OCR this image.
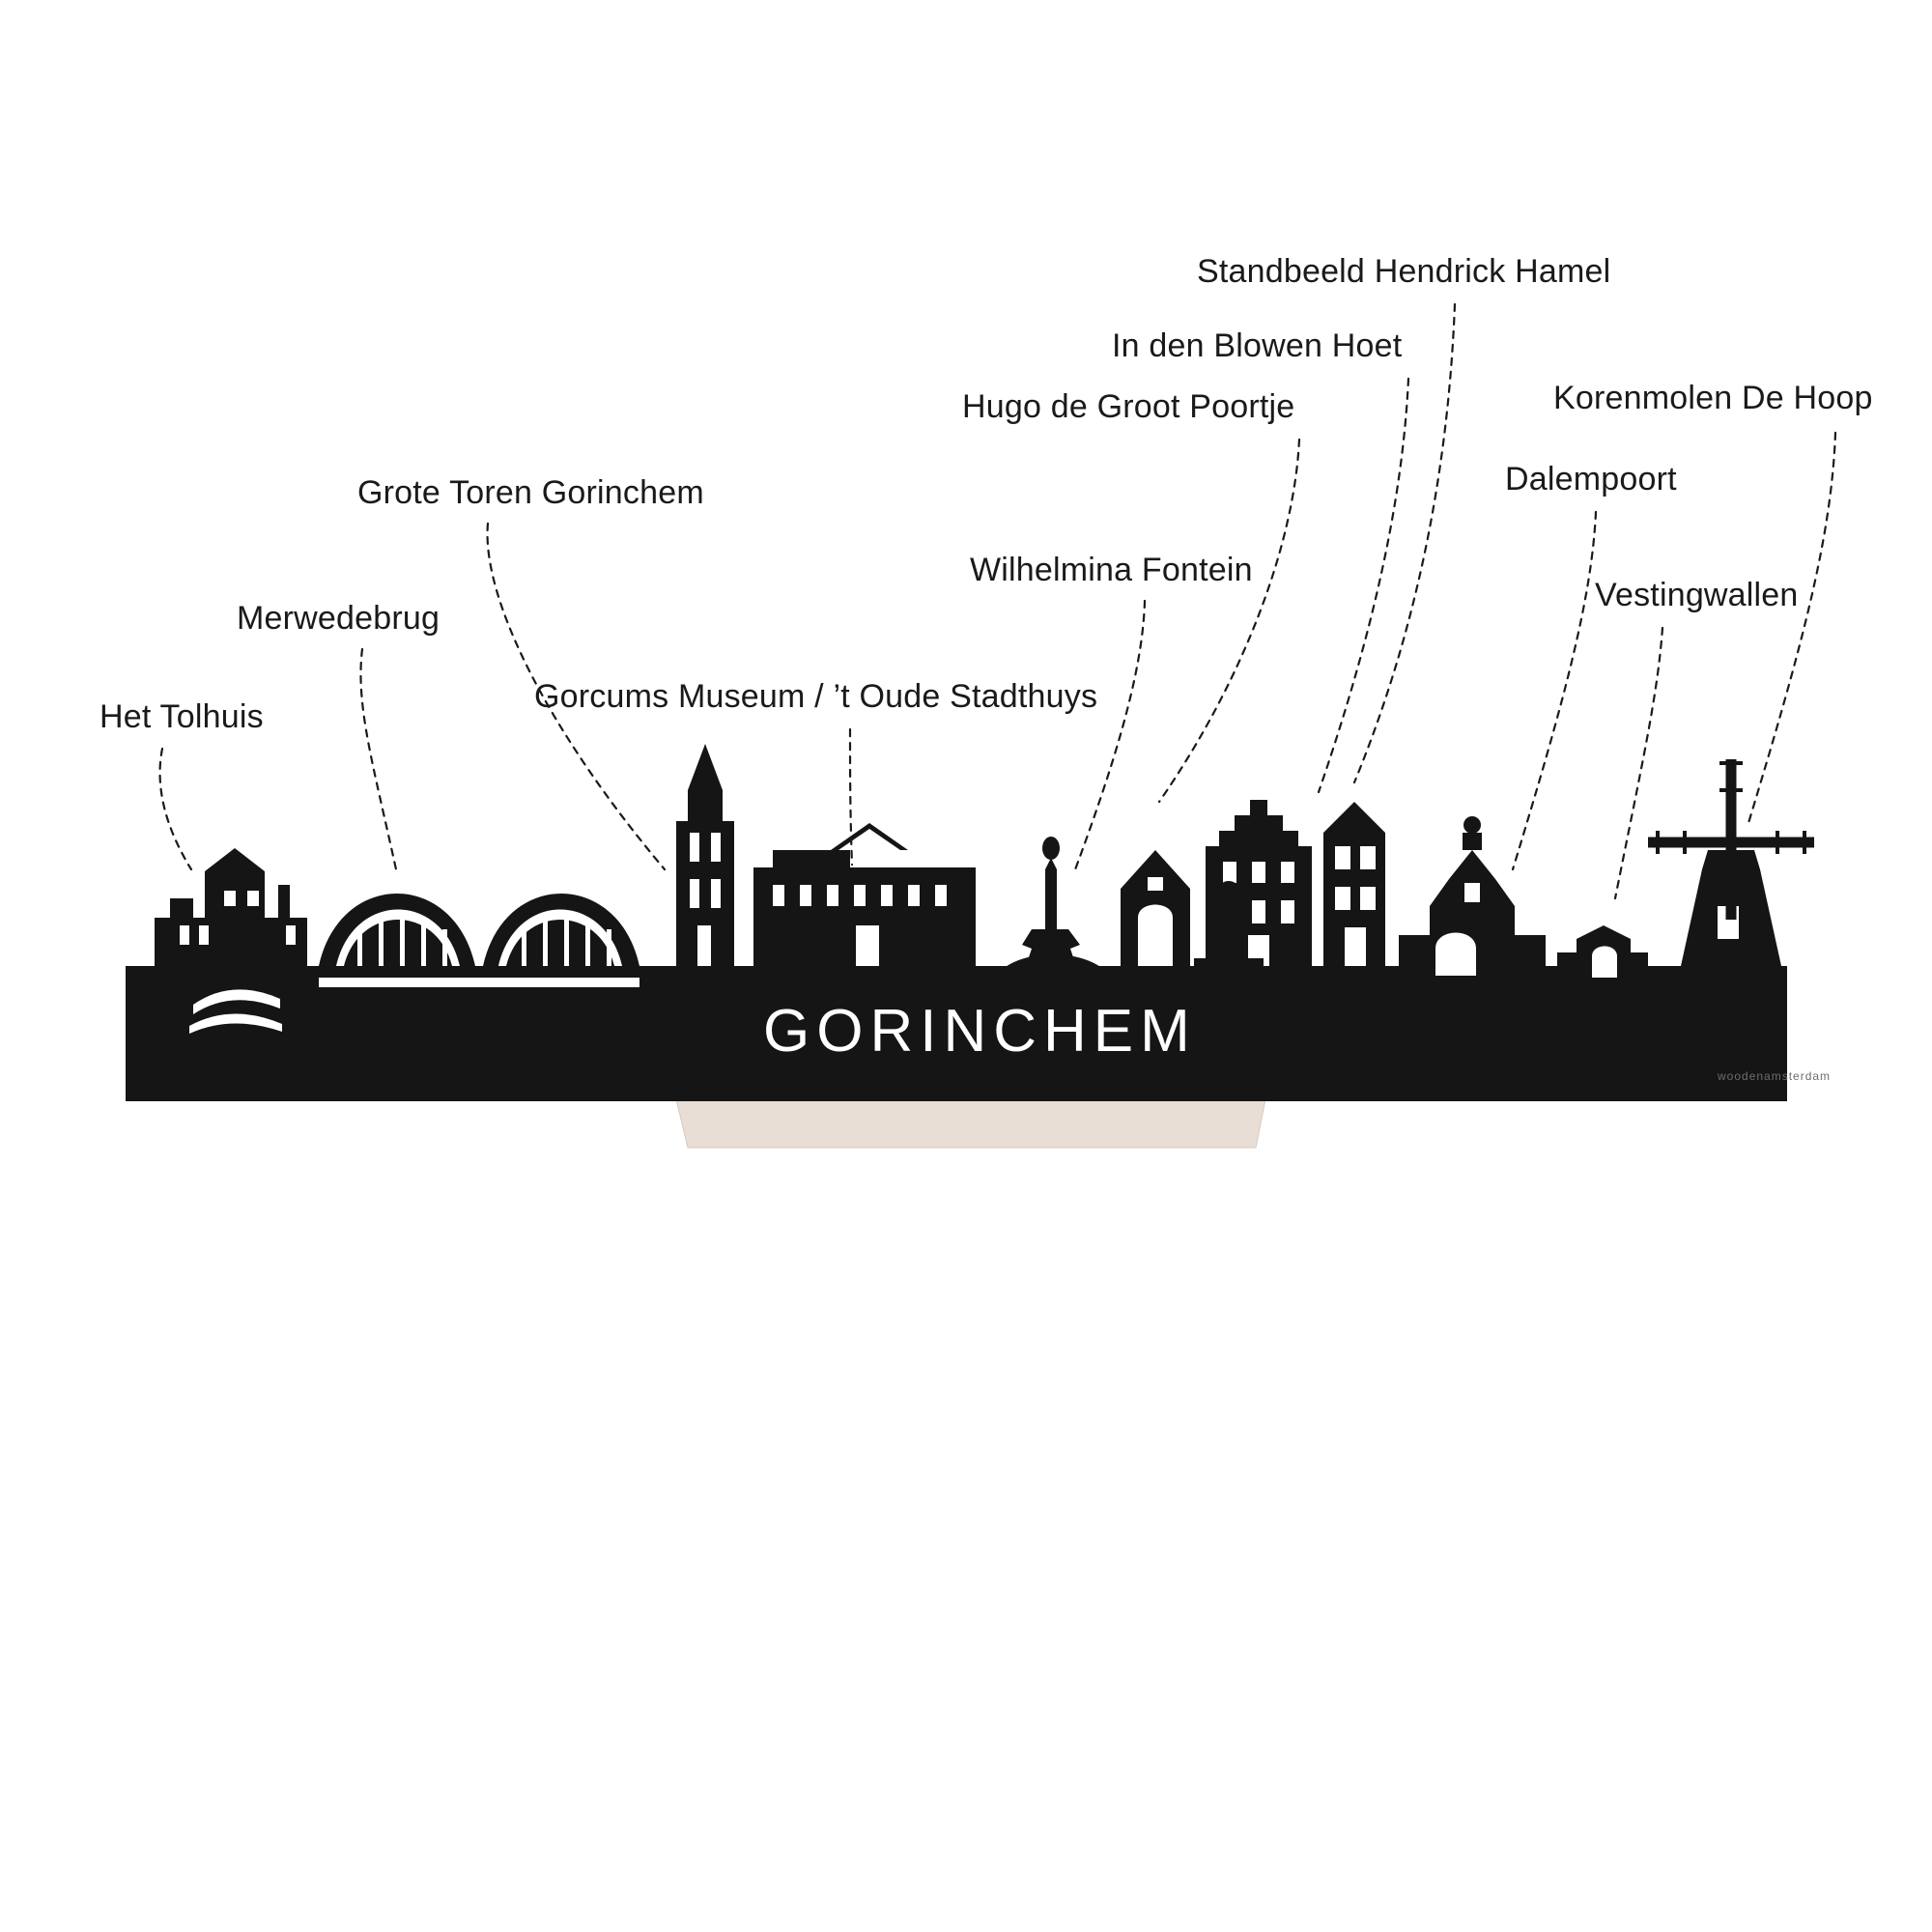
GORINCHEM
woodenamsterdam
Het Tolhuis
Merwedebrug
Grote Toren Gorinchem
Gorcums Museum / ’t Oude Stadthuys
Wilhelmina Fontein
Hugo de Groot Poortje
In den Blowen Hoet
Standbeeld Hendrick Hamel
Dalempoort
Korenmolen De Hoop
Vestingwallen
